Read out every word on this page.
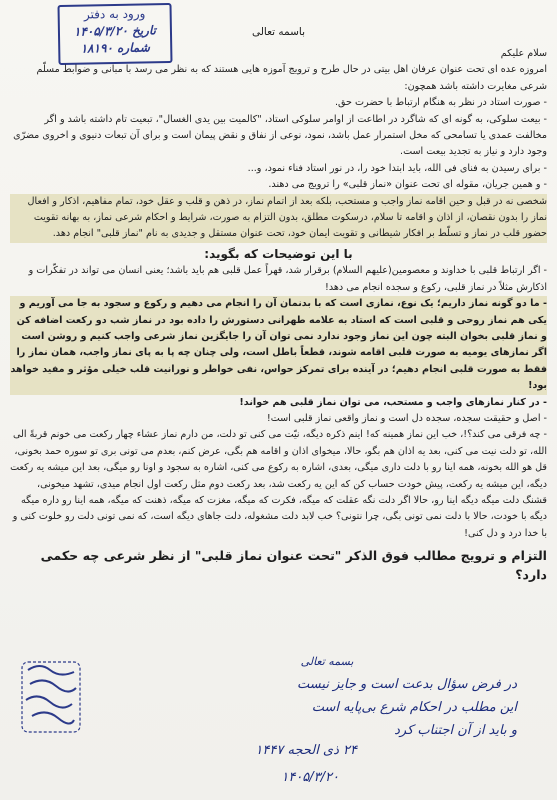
ورود به دفتر
تاریخ ۱۴۰۵/۳/۲۰
شماره ۱۸۱۹۰
باسمه تعالی

سلام علیکم

امروزه عده ای تحت عنوان عرفان اهل بیتی در حال طرح و ترویج آموزه هایی هستند که به نظر می رسد با مبانی و ضوابط مسلّم شرعی مغایرت داشته باشد همچون:

- صورت استاد در نظر به هنگام ارتباط با حضرت حق.

- بیعت سلوکی، به گونه ای که شاگرد در اطاعت از اوامر سلوکی استاد، "کالمیت بین یدی الغسال"، تبعیت تام داشته باشد و اگر مخالفت عمدی یا تسامحی که مخل استمرار عمل باشد، نمود، نوعی از نفاق و نقض پیمان است و برای آن تبعات دنیوی و اخروی مضرّی وجود دارد و نیاز به تجدید بیعت است.

- برای رسیدن به فنای فی الله، باید ابتدا خود را، در نور استاد فناء نمود، و...

- و همین جریان، مقوله ای تحت عنوان «نماز قلبی» را ترویج می دهند.

شخصی نه در قبل و حین اقامه نماز واجب و مستحب، بلکه بعد از اتمام نماز، در ذهن و قلب و عقل خود، تمام مفاهیم، اذکار و افعال نماز را بدون نقصان، از اذان و اقامه تا سلام، درسکوت مطلق، بدون التزام به صورت، شرایط و احکام شرعی نماز، به بهانه تقویت حضور قلب در نماز و تسلّط بر افکار شیطانی و تقویت ایمان خود، تحت عنوان مستقل و جدیدی به نام "نماز قلبی" انجام دهد.

با این توضیحات که بگوید:

- اگر ارتباط قلبی با خداوند و معصومین(علیهم السلام) برقرار شد، قهراً عمل قلبی هم باید باشد؛ یعنی انسان می تواند در تفکّرات و اذکارش مثلاً در نماز قلبی، رکوع و سجده انجام می دهد!

- ما دو گونه نماز داریم؛ یک نوع، نمازی است که با بدنمان آن را انجام می دهیم و رکوع و سجود به جا می آوریم و یکی هم نماز روحی و قلبی است که استاد به علامه طهرانی دستورش را داده بود در نماز شب دو رکعت اضافه کن و نماز قلبی بخوان البته چون این نماز وجود ندارد نمی توان آن را جایگزین نماز شرعی واجب کنیم و روشن است اگر نمازهای یومیه به صورت قلبی اقامه شوند، قطعاً باطل است، ولی چنان چه پا به پای نماز واجب، همان نماز را فقط به صورت قلبی انجام دهیم؛ در آینده برای تمرکز حواس، نفی خواطر و نورانیت قلب خیلی مؤثر و مفید خواهد بود!

- در کنار نمازهای واجب و مستحب، می توان نماز قلبی هم خواند!

- اصل و حقیقت سجده، سجده دل است و نماز واقعی نماز قلبی است!

- چه فرقی می کند؟!، خب این نماز همینه که! اینم ذکره دیگه، نیّت می کنی تو دلت، من دارم نماز عشاء چهار رکعت می خونم قربةً الی الله، تو دلت نیت می کنی، بعد یه اذان هم بگو، حالا، میخوای اذان و اقامه هم بگی، عرض کنم، بعدم می تونی بری تو سوره حمد بخونی، قل هو الله بخونه، همه اینا رو با دلت داری میگی، بعدی، اشاره به رکوع می کنی، اشاره به سجود و اونا رو میگی، بعد این میشه یه رکعت دیگه، این میشه یه رکعت، پیش خودت حساب کن که این یه رکعت شد، بعد رکعت دوم مثل رکعت اول انجام میدی، تشهد میخونی، قشنگ دلت میگه دیگه اینا رو، حالا اگر دلت نگه عقلت که میگه، فکرت که میگه، مغزت که میگه، ذهنت که میگه، همه اینا رو داره میگه دیگه با خودت، حالا با دلت نمی تونی بگی، چرا نتونی؟ خب لابد دلت مشغوله، دلت جاهای دیگه است، که نمی تونی دلت رو خلوت کنی و با خدا درد و دل کنی!

التزام و ترویج مطالب فوق الذکر "تحت عنوان نماز قلبی" از نظر شرعی چه حکمی دارد؟

بسمه تعالی
در فرض سؤال بدعت است و جایز نیست
این مطلب در احکام شرع بی‌پایه است
و باید از آن اجتناب کرد
۲۴ ذی الحجه ۱۴۴۷
۱۴۰۵/۳/۲۰
